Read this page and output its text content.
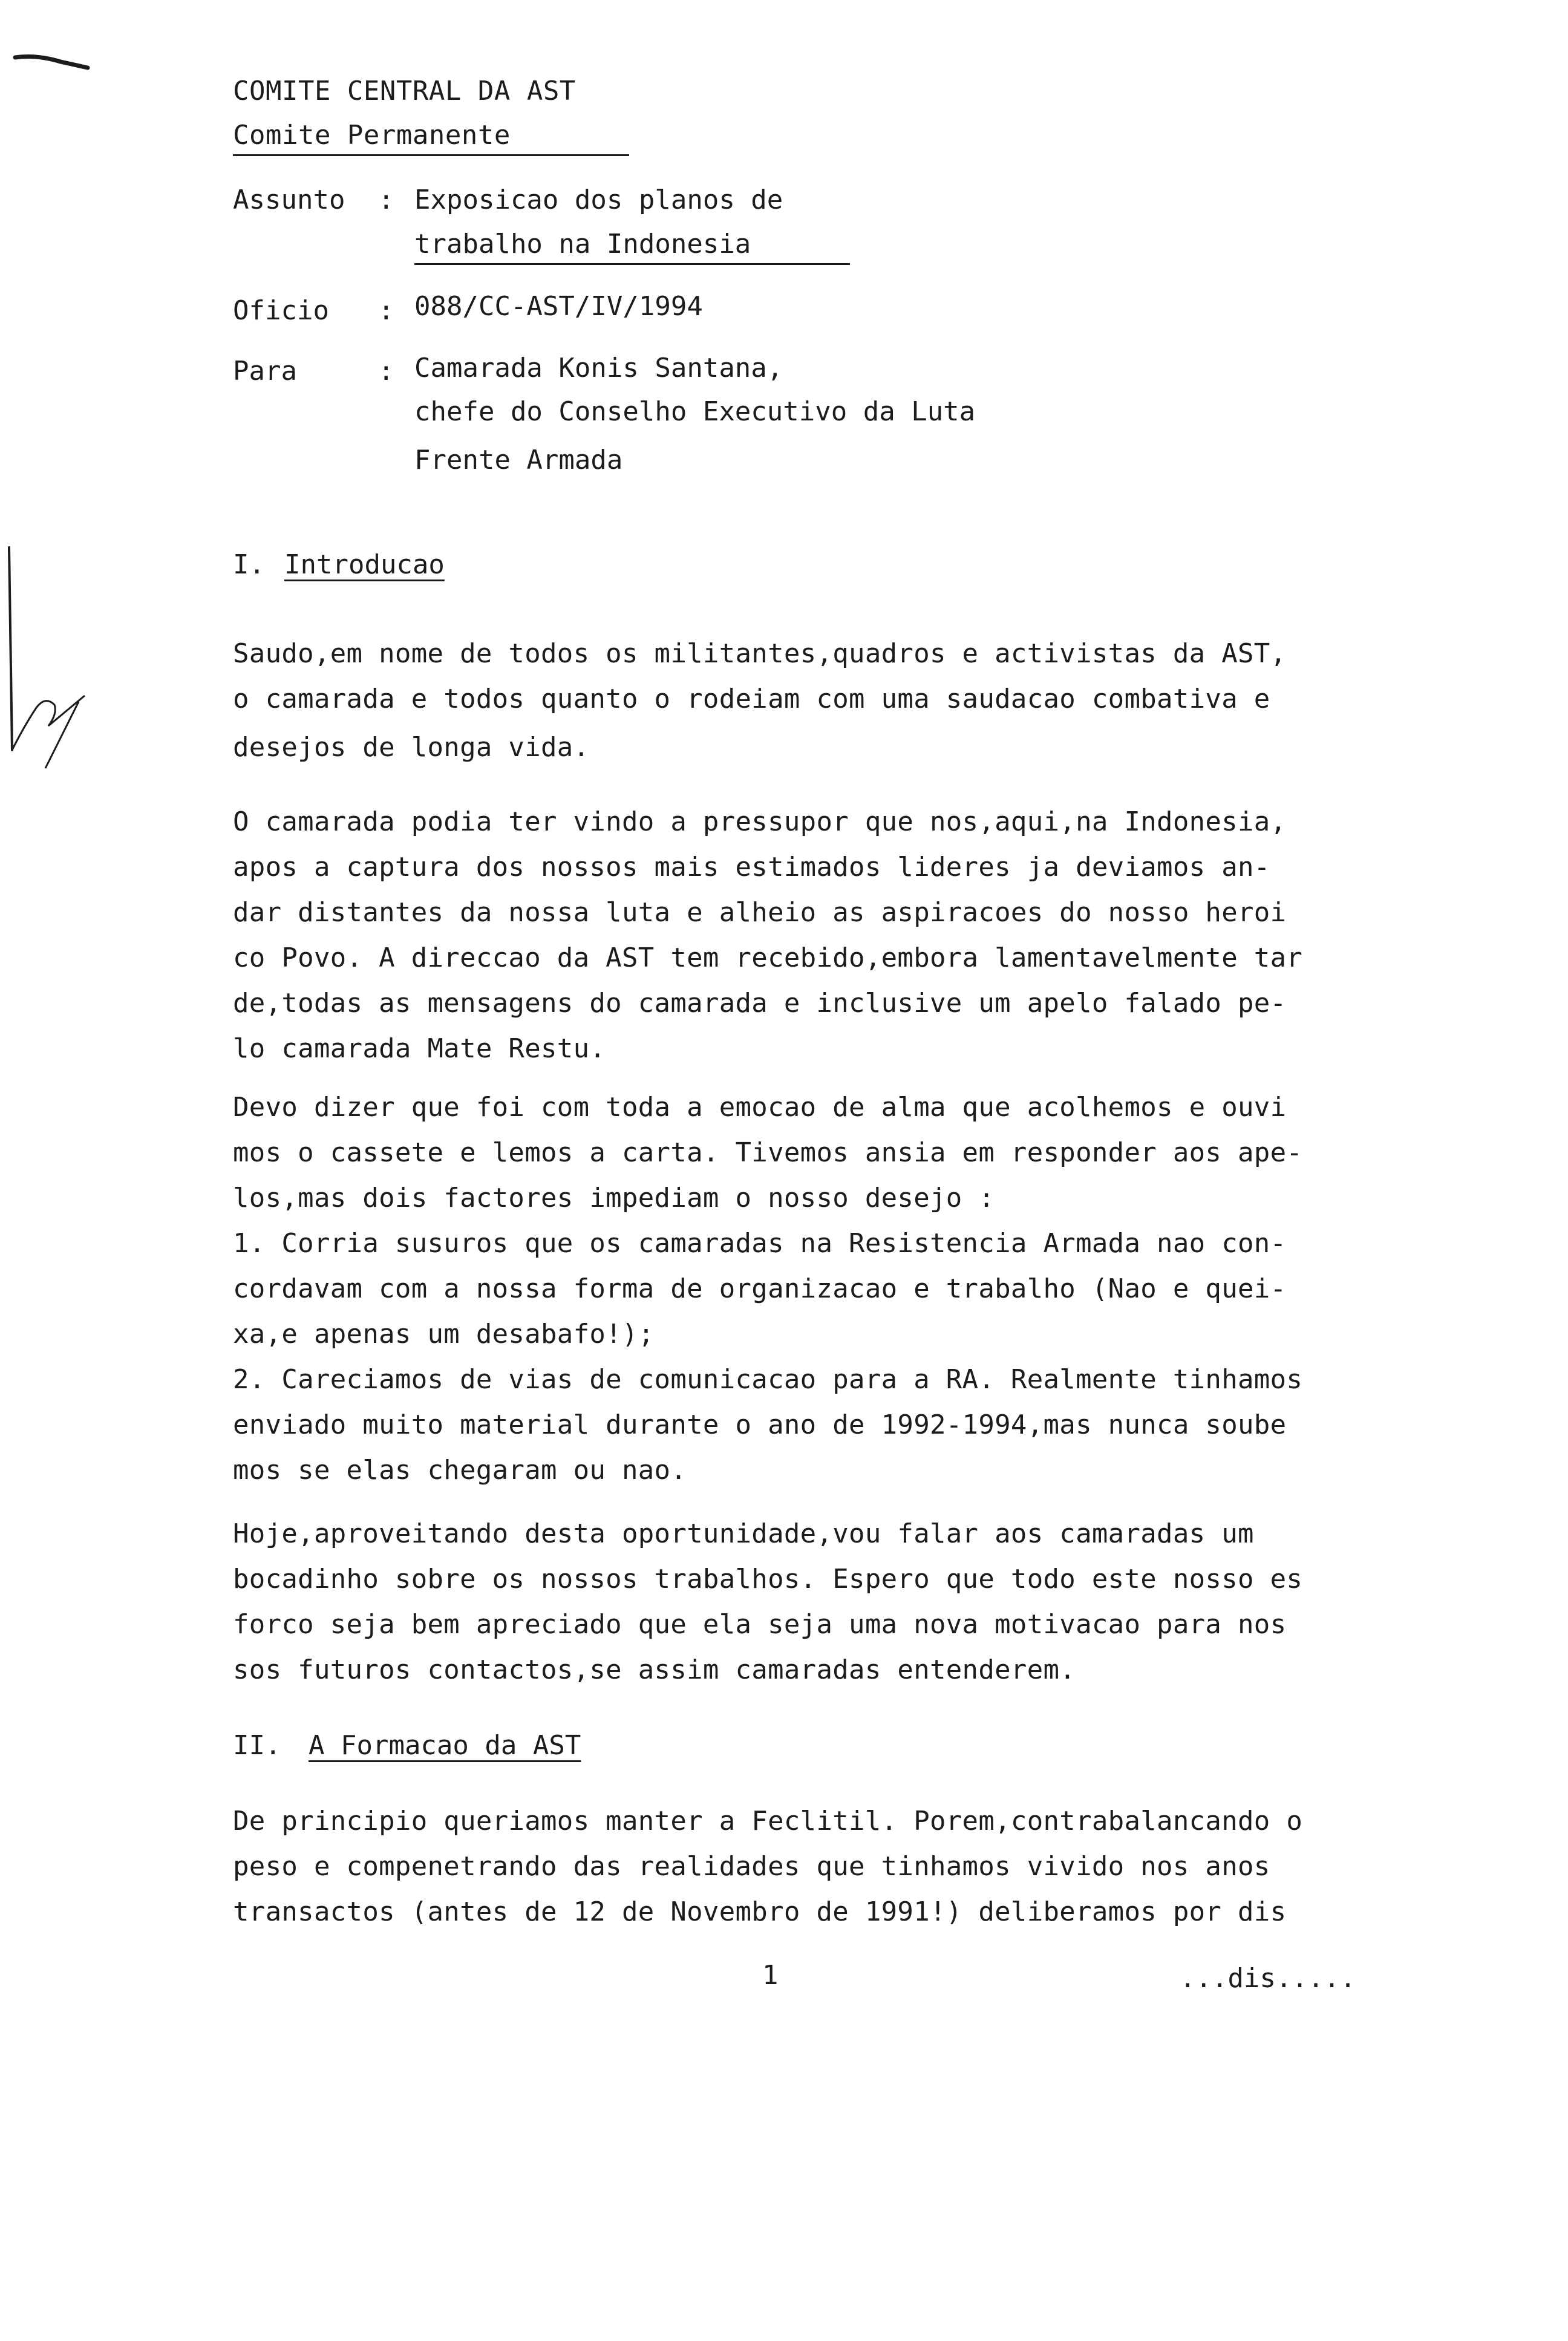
COMITE CENTRAL DA AST
Comite Permanente
Assunto : Exposicao dos planos de
trabalho na Indonesia
Oficio : 088/CC-AST/IV/1994
Para	: Camarada Konis Santana,
chefe do Conselho Executivo da Luta
Frente Armada
I. Introducao
Saudo,em nome de todos os militantes,quadros e activistas da AST,
o camarada e todos quanto o rodeiam com uma saudacao combativa e
desejos de longa vida.
O camarada podia ter vindo a pressupor que nos,aqui,na Indonesia,
apos a captura dos nossos mais estimados lideres ja deviamos an-
dar distantes da nossa luta e alheio as aspiracoes do nosso heroi
co Povo. A direccao da AST tem recebido,embora lamentavelmente tar
de,todas as mensagens do camarada e inclusive um apelo falado pe-
lo camarada Mate Restu.
Devo dizer que foi com toda a emocao de alma que acolhemos e ouvi
mos o cassete e lemos a carta. Tivemos ansia em responder aos ape-
los,mas dois factores impediam o nosso desejo :
1. Corria susuros que os camaradas na Resistencia Armada nao con-
cordavam com a nossa forma de organizacao e trabalho (Nao e quei-
xa,e apenas um desabafo!);
2. Careciamos de vias de comunicacao para a RA. Realmente tinhamos
enviado muito material durante o ano de 1992-1994,mas nunca soube
mos se elas chegaram ou nao.
Hoje,aproveitando desta oportunidade,vou falar aos camaradas um
bocadinho sobre os nossos trabalhos. Espero que todo este nosso es
forco seja bem apreciado que ela seja uma nova motivacao para nos
sos futuros contactos,se assim camaradas entenderem.
II. A Formacao da AST
De principio queriamos manter a Feclitil. Porem,contrabalancando o
peso e compenetrando das realidades que tinhamos vivido nos anos
transactos (antes de 12 de Novembro de 1991!) deliberamos por dis
1	...dis.....
